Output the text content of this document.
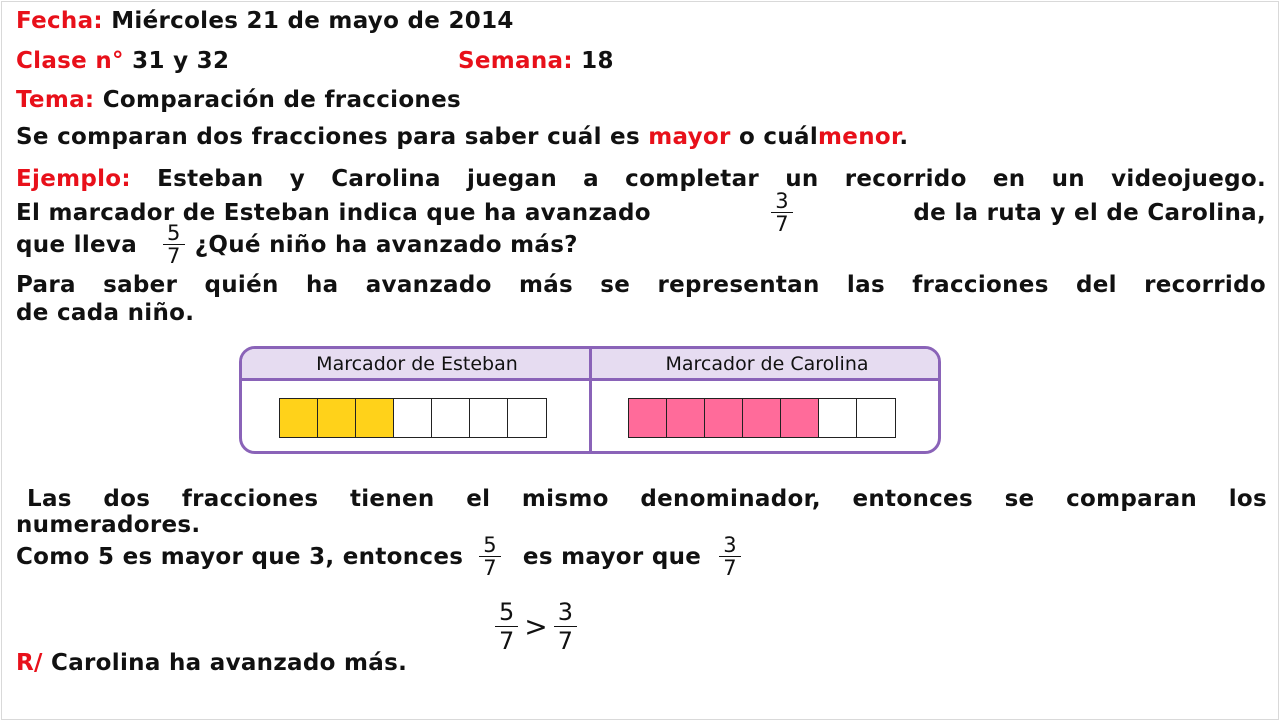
Fecha: Miércoles 21 de mayo de 2014
Clase n° 31 y 32	Semana: 18
Tema: Comparación de fracciones
Se comparan dos fracciones para saber cuál es mayor o cuálmenor.
Ejemplo: Esteban y Carolina juegan a completar un recorrido en un videojuego.
El marcador de Esteban indica que ha avanzado	$\frac{3}{7}$	de la ruta y el de Carolina,
que lleva $\frac{5}{7}$ ¿Qué niño ha avanzado más?
Para saber quién ha avanzado más se representan las fracciones del recorrido
de cada niño.
Marcador de Esteban	Marcador de Carolina
Las dos fracciones tienen el mismo denominador, entonces se comparan los
numeradores.
Como 5 es mayor que 3, entonces $\frac{5}{7}$ es mayor que $\frac{3}{7}$
$\frac{5}{7} > \frac{3}{7}$
R/ Carolina ha avanzado más.
